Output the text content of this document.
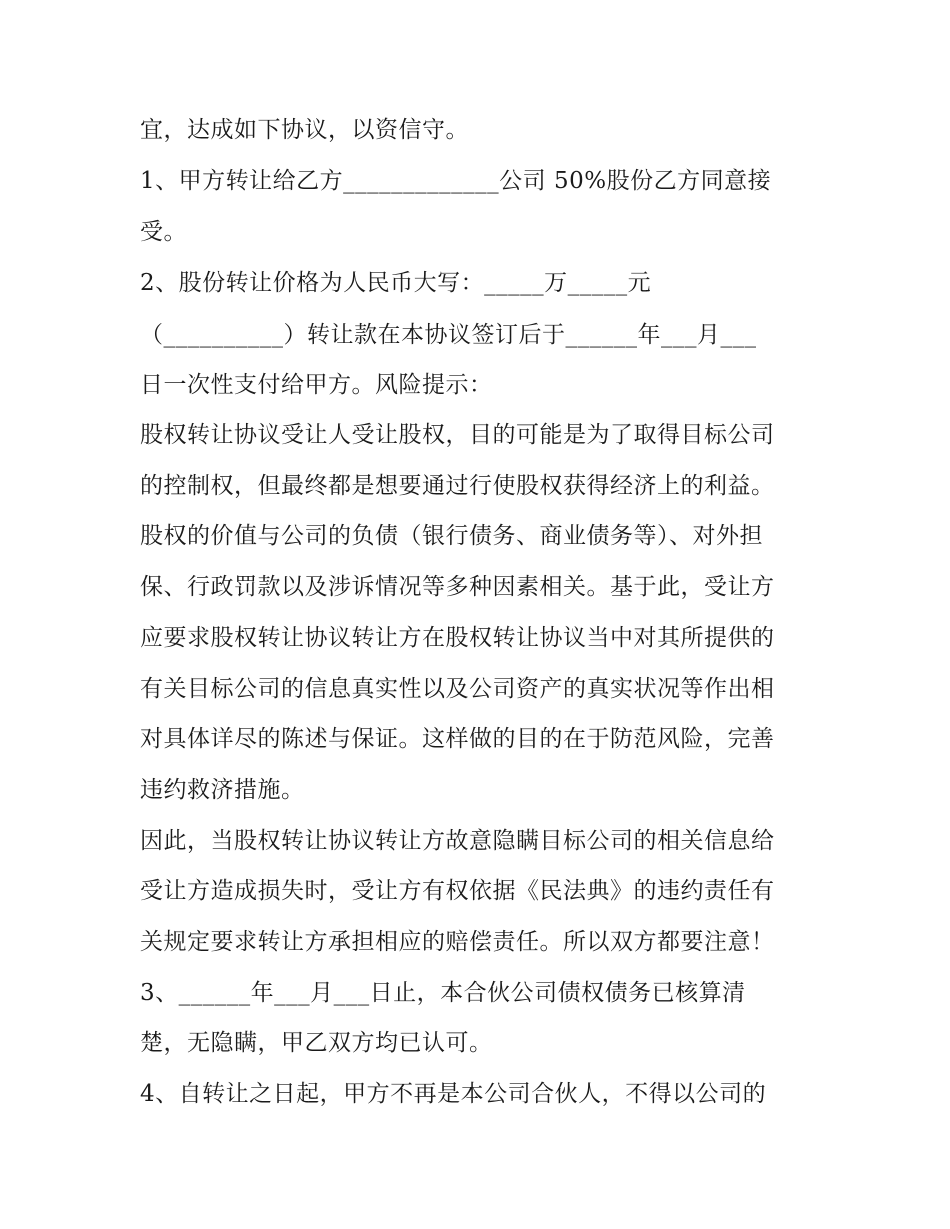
宜，达成如下协议，以资信守。
1、甲方转让给乙方_____________公司 50%股份乙方同意接
受。
2、股份转让价格为人民币大写：_____万_____元
（__________）转让款在本协议签订后于______年___月___
日一次性支付给甲方。风险提示：
股权转让协议受让人受让股权，目的可能是为了取得目标公司
的控制权，但最终都是想要通过行使股权获得经济上的利益。
股权的价值与公司的负债（银行债务、商业债务等）、对外担
保、行政罚款以及涉诉情况等多种因素相关。基于此，受让方
应要求股权转让协议转让方在股权转让协议当中对其所提供的
有关目标公司的信息真实性以及公司资产的真实状况等作出相
对具体详尽的陈述与保证。这样做的目的在于防范风险，完善
违约救济措施。
因此，当股权转让协议转让方故意隐瞒目标公司的相关信息给
受让方造成损失时，受让方有权依据《民法典》的违约责任有
关规定要求转让方承担相应的赔偿责任。所以双方都要注意！
3、______年___月___日止，本合伙公司债权债务已核算清
楚，无隐瞒，甲乙双方均已认可。
4、自转让之日起，甲方不再是本公司合伙人，不得以公司的
